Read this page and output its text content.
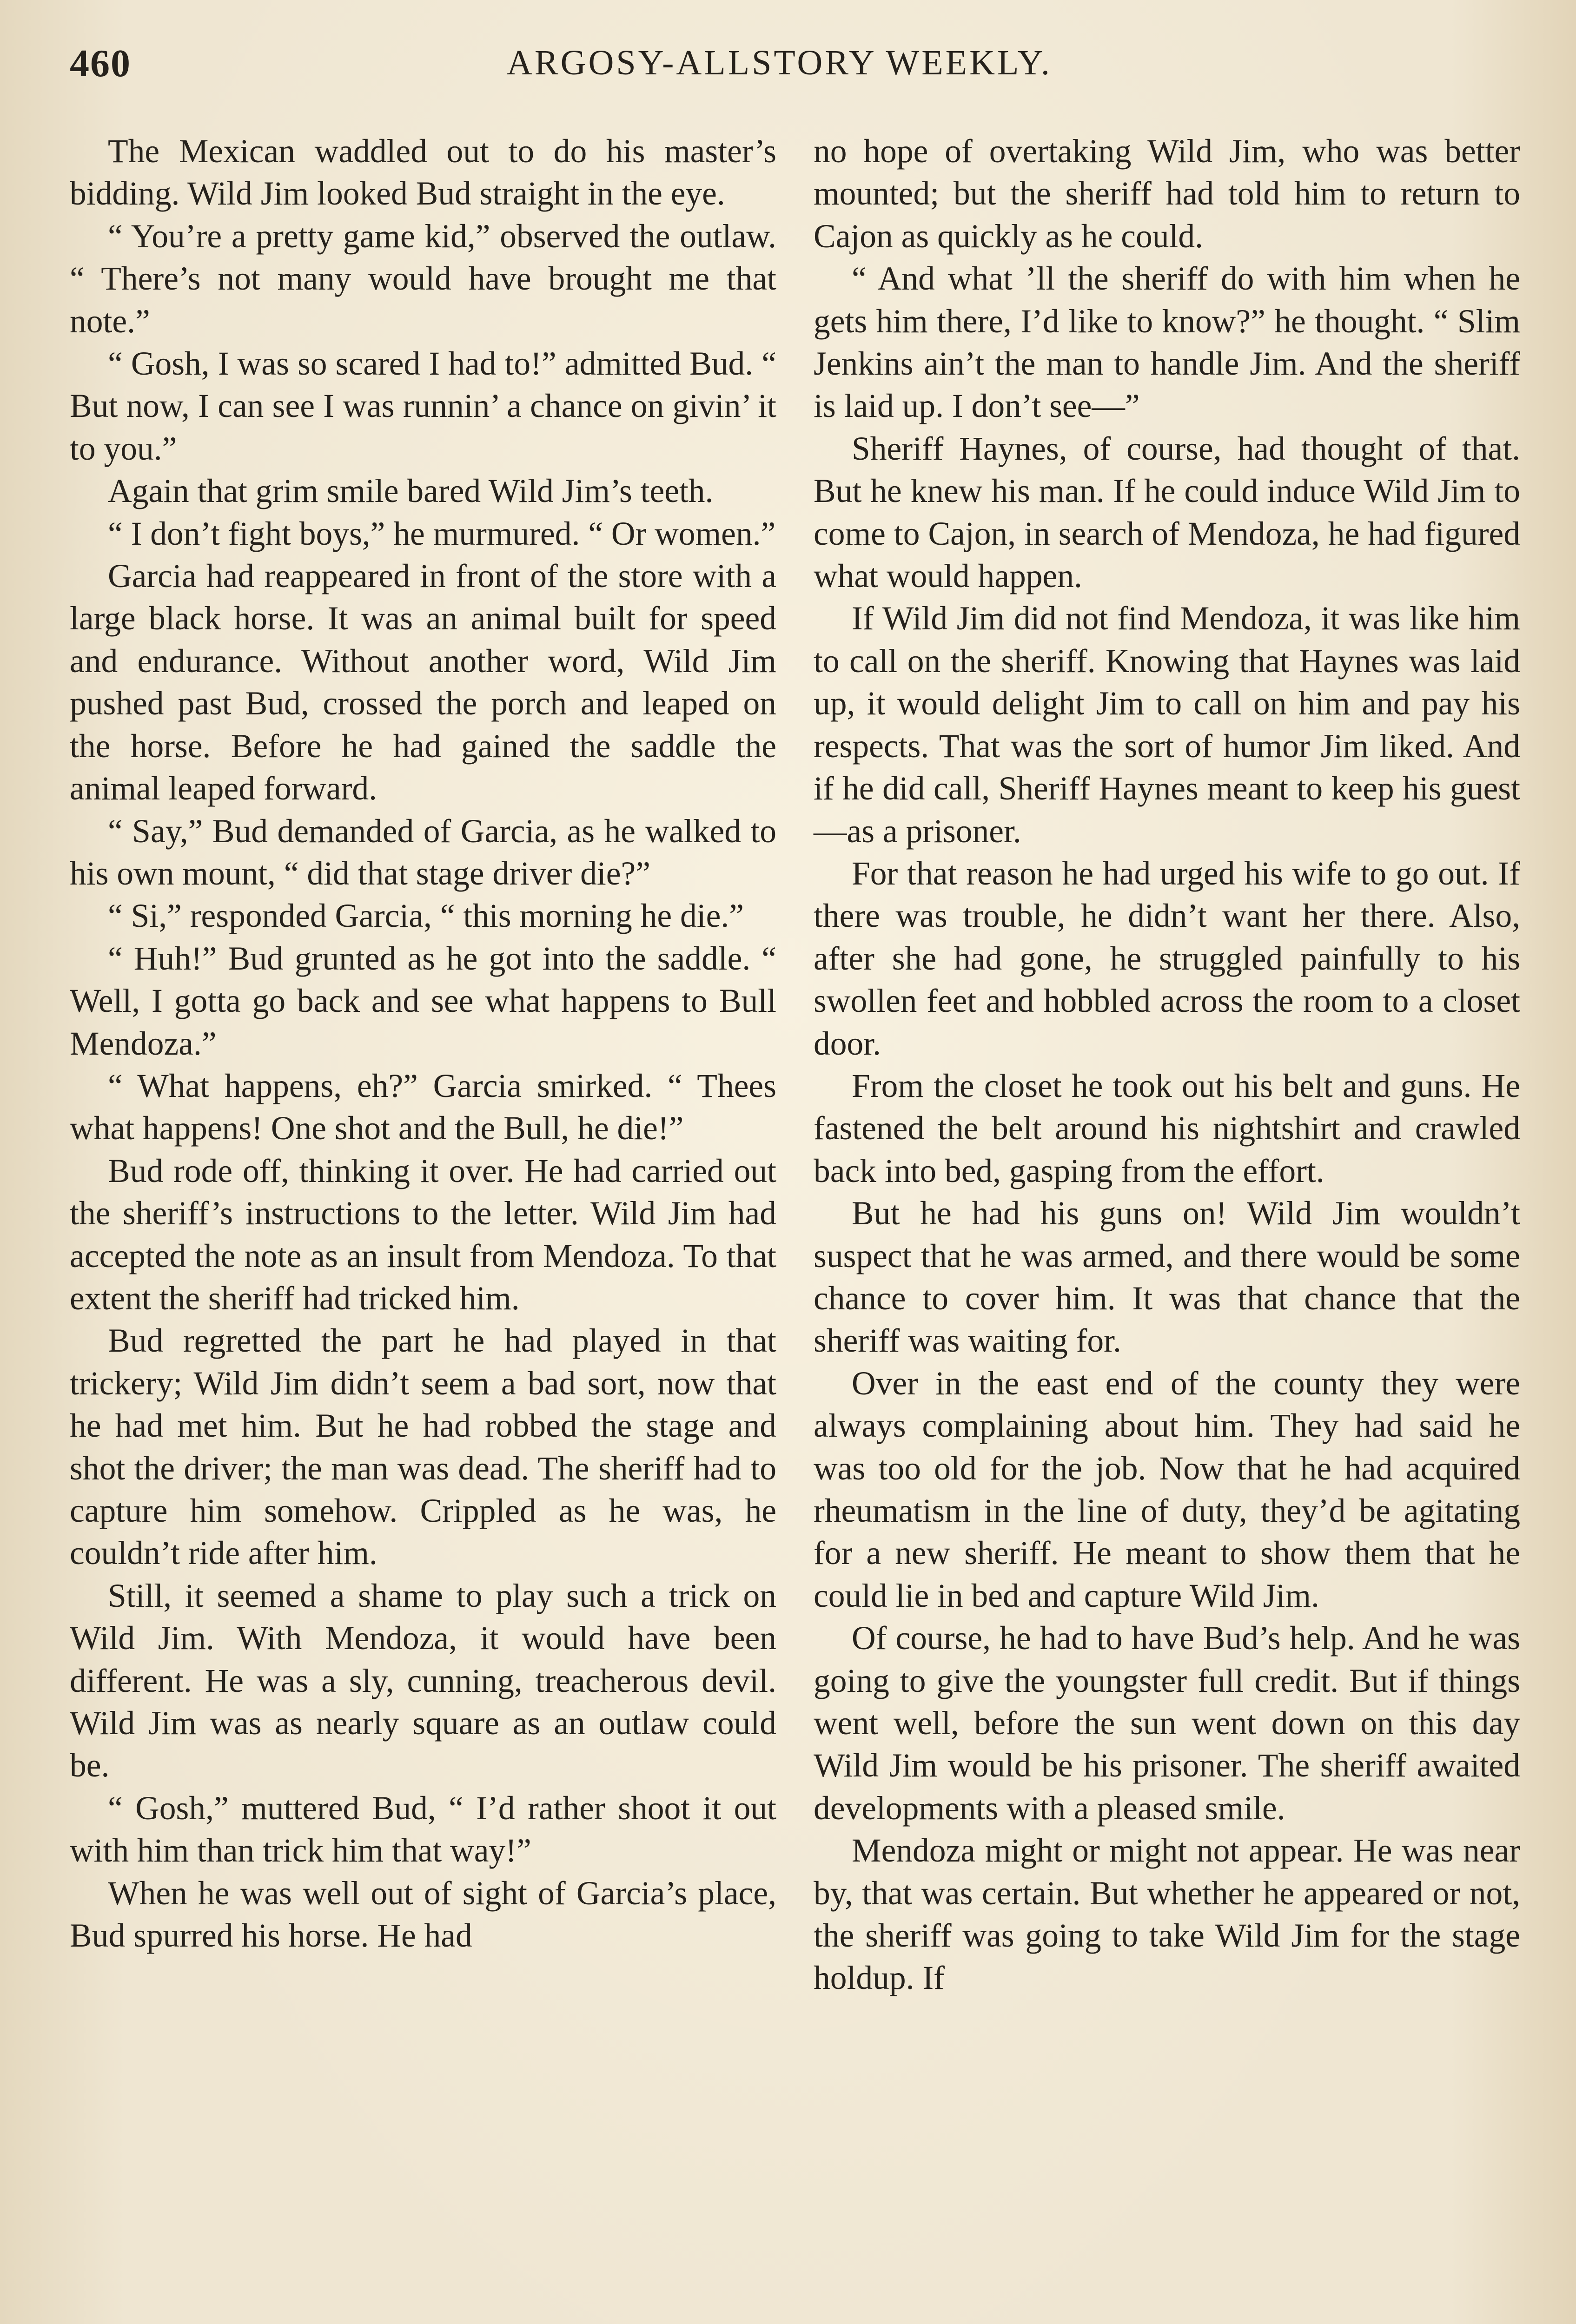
460	ARGOSY-ALLSTORY WEEKLY.

The Mexican waddled out to do his master’s bidding. Wild Jim looked Bud straight in the eye.

“ You’re a pretty game kid,” observed the outlaw. “ There’s not many would have brought me that note.”

“ Gosh, I was so scared I had to!” admitted Bud. “ But now, I can see I was runnin’ a chance on givin’ it to you.”

Again that grim smile bared Wild Jim’s teeth.

“ I don’t fight boys,” he murmured. “ Or women.”

Garcia had reappeared in front of the store with a large black horse. It was an animal built for speed and endurance. Without another word, Wild Jim pushed past Bud, crossed the porch and leaped on the horse. Before he had gained the saddle the animal leaped forward.

“ Say,” Bud demanded of Garcia, as he walked to his own mount, “ did that stage driver die?”

“ Si,” responded Garcia, “ this morning he die.”

“ Huh!” Bud grunted as he got into the saddle. “ Well, I gotta go back and see what happens to Bull Mendoza.”

“ What happens, eh?” Garcia smirked. “ Thees what happens! One shot and the Bull, he die!”

Bud rode off, thinking it over. He had carried out the sheriff’s instructions to the letter. Wild Jim had accepted the note as an insult from Mendoza. To that extent the sheriff had tricked him.

Bud regretted the part he had played in that trickery; Wild Jim didn’t seem a bad sort, now that he had met him. But he had robbed the stage and shot the driver; the man was dead. The sheriff had to capture him somehow. Crippled as he was, he couldn’t ride after him.

Still, it seemed a shame to play such a trick on Wild Jim. With Mendoza, it would have been different. He was a sly, cunning, treacherous devil. Wild Jim was as nearly square as an outlaw could be.

“ Gosh,” muttered Bud, “ I’d rather shoot it out with him than trick him that way!”

When he was well out of sight of Garcia’s place, Bud spurred his horse. He had

no hope of overtaking Wild Jim, who was better mounted; but the sheriff had told him to return to Cajon as quickly as he could.

“ And what ’ll the sheriff do with him when he gets him there, I’d like to know?” he thought. “ Slim Jenkins ain’t the man to handle Jim. And the sheriff is laid up. I don’t see—”

Sheriff Haynes, of course, had thought of that. But he knew his man. If he could induce Wild Jim to come to Cajon, in search of Mendoza, he had figured what would happen.

If Wild Jim did not find Mendoza, it was like him to call on the sheriff. Knowing that Haynes was laid up, it would delight Jim to call on him and pay his respects. That was the sort of humor Jim liked. And if he did call, Sheriff Haynes meant to keep his guest—as a prisoner.

For that reason he had urged his wife to go out. If there was trouble, he didn’t want her there. Also, after she had gone, he struggled painfully to his swollen feet and hobbled across the room to a closet door.

From the closet he took out his belt and guns. He fastened the belt around his nightshirt and crawled back into bed, gasping from the effort.

But he had his guns on! Wild Jim wouldn’t suspect that he was armed, and there would be some chance to cover him. It was that chance that the sheriff was waiting for.

Over in the east end of the county they were always complaining about him. They had said he was too old for the job. Now that he had acquired rheumatism in the line of duty, they’d be agitating for a new sheriff. He meant to show them that he could lie in bed and capture Wild Jim.

Of course, he had to have Bud’s help. And he was going to give the youngster full credit. But if things went well, before the sun went down on this day Wild Jim would be his prisoner. The sheriff awaited developments with a pleased smile.

Mendoza might or might not appear. He was near by, that was certain. But whether he appeared or not, the sheriff was going to take Wild Jim for the stage holdup. If
